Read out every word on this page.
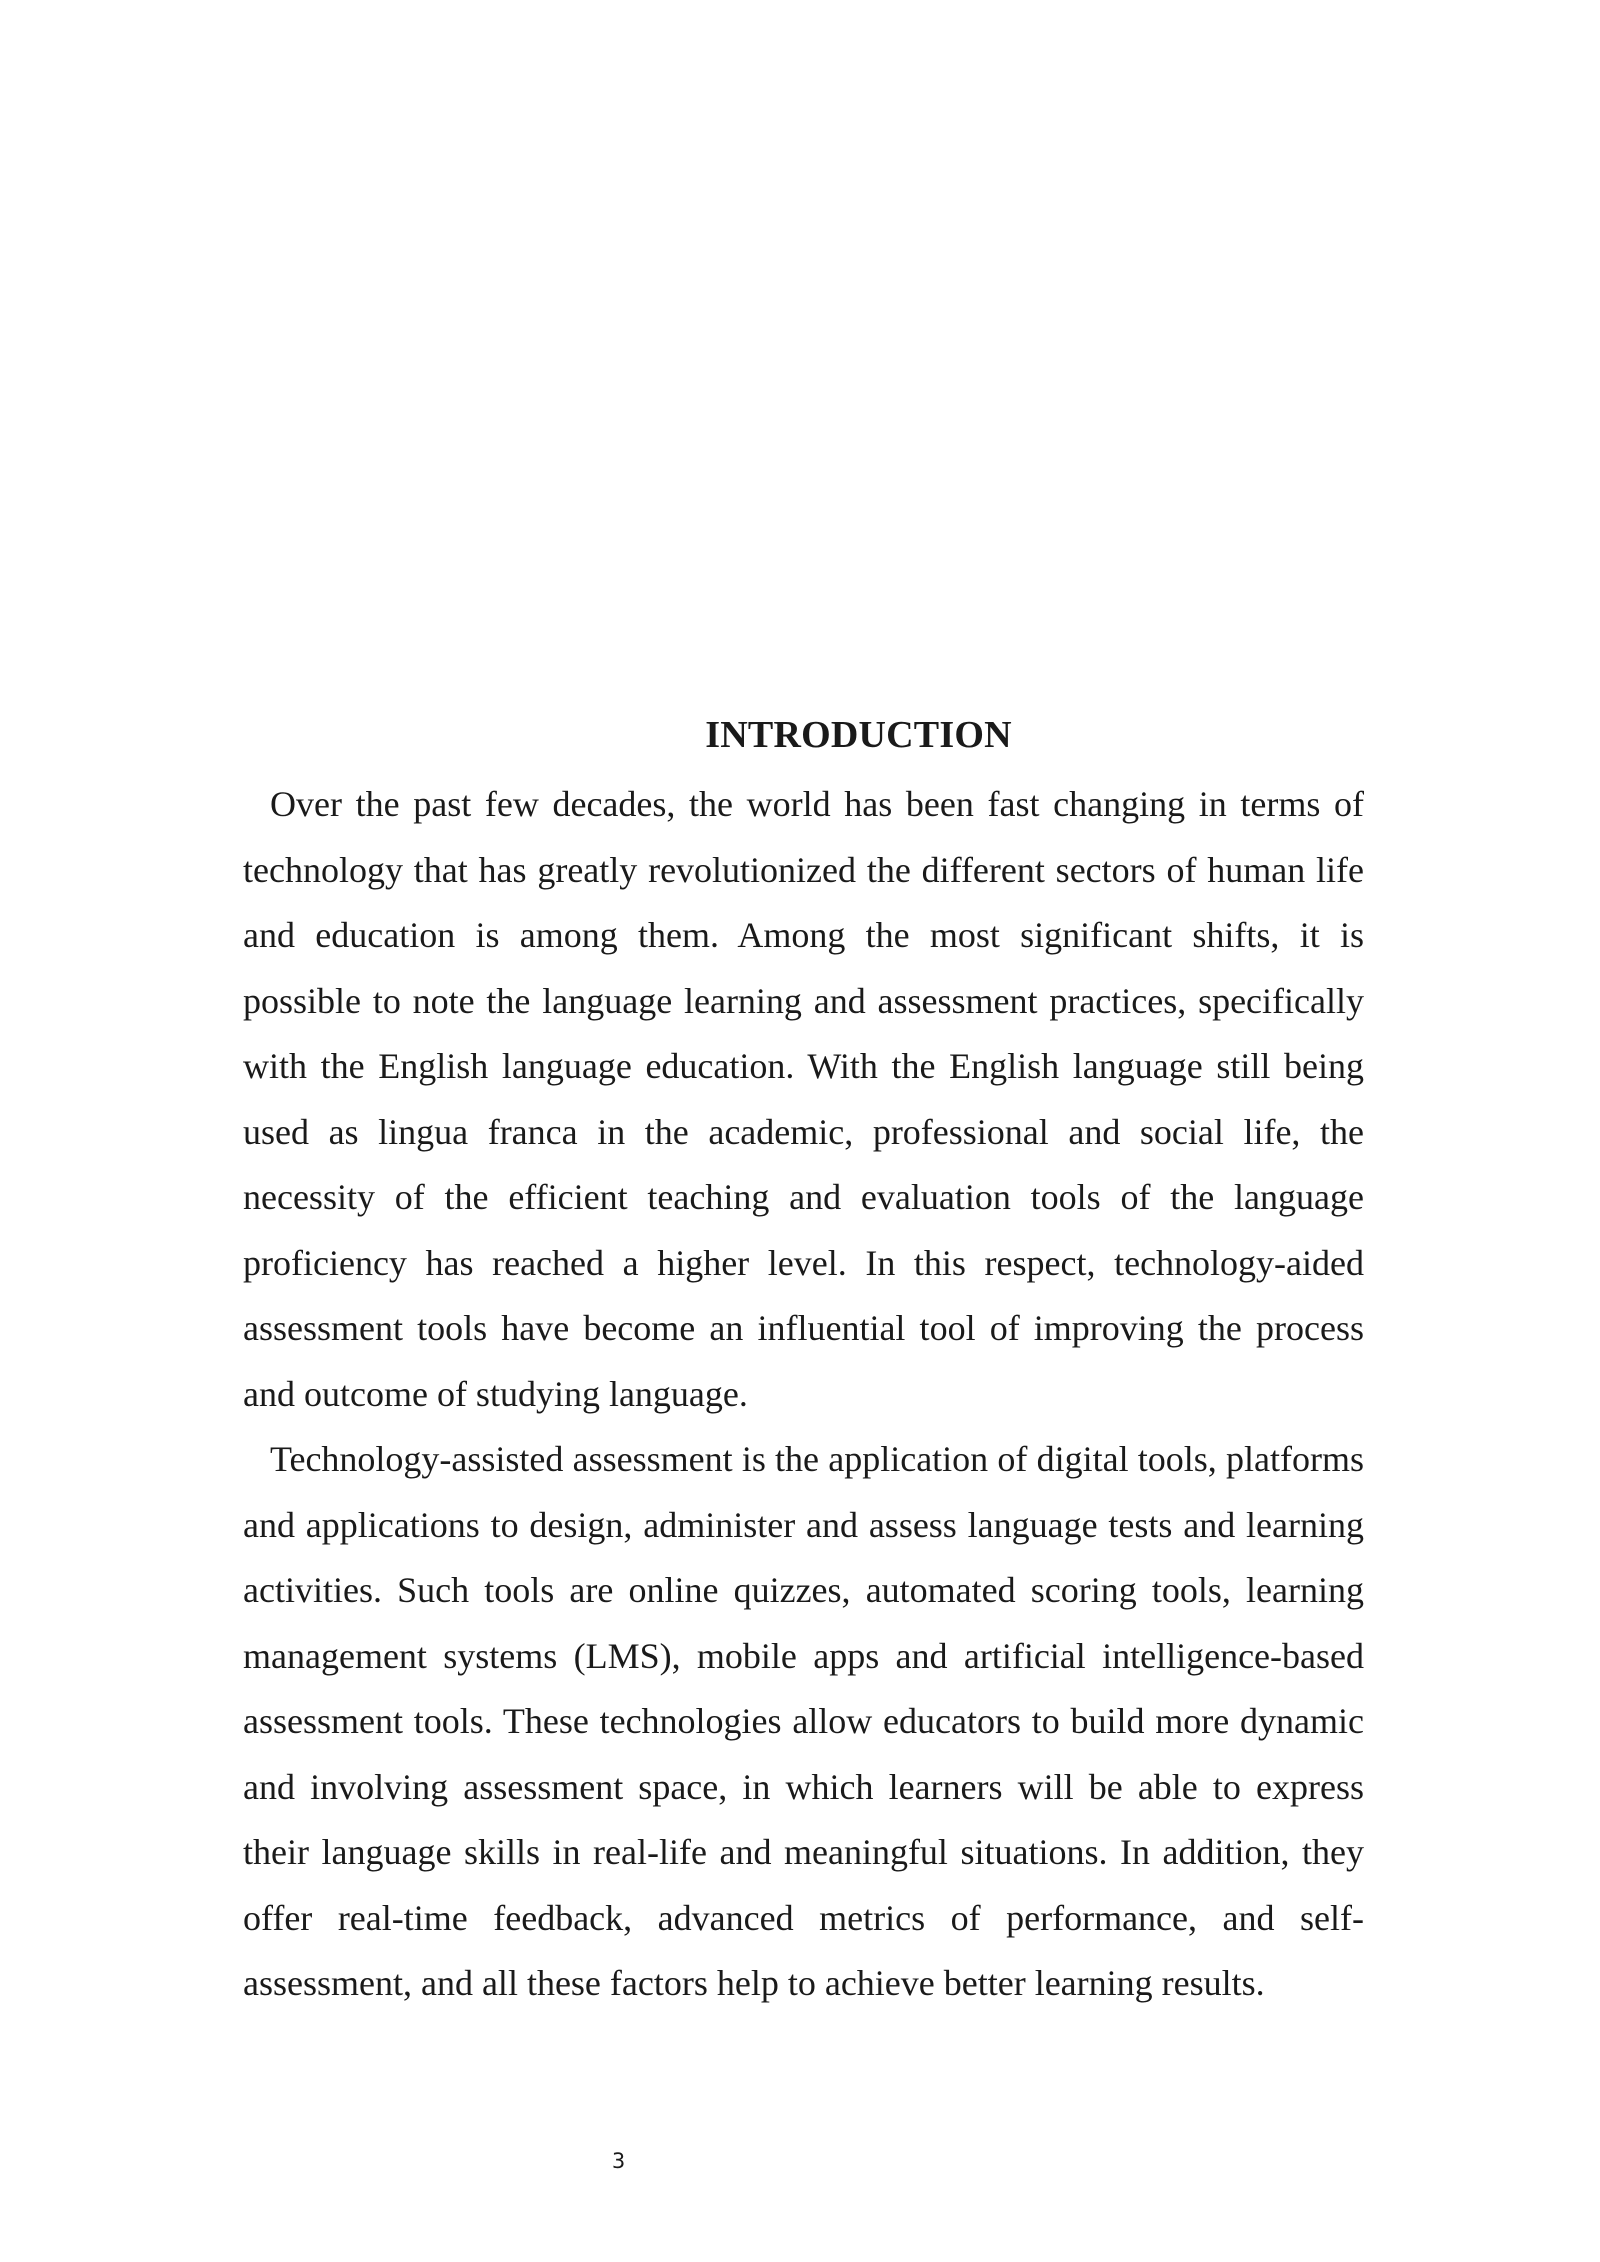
INTRODUCTION

Over the past few decades, the world has been fast changing in terms of technology that has greatly revolutionized the different sectors of human life and education is among them. Among the most significant shifts, it is possible to note the language learning and assessment practices, specifically with the English language education. With the English language still being used as lingua franca in the academic, professional and social life, the necessity of the efficient teaching and evaluation tools of the language proficiency has reached a higher level. In this respect, technology-aided assessment tools have become an influential tool of improving the process and outcome of studying language.

Technology-assisted assessment is the application of digital tools, platforms and applications to design, administer and assess language tests and learning activities. Such tools are online quizzes, automated scoring tools, learning management systems (LMS), mobile apps and artificial intelligence-based assessment tools. These technologies allow educators to build more dynamic and involving assessment space, in which learners will be able to express their language skills in real-life and meaningful situations. In addition, they offer real-time feedback, advanced metrics of performance, and self-assessment, and all these factors help to achieve better learning results.

3
